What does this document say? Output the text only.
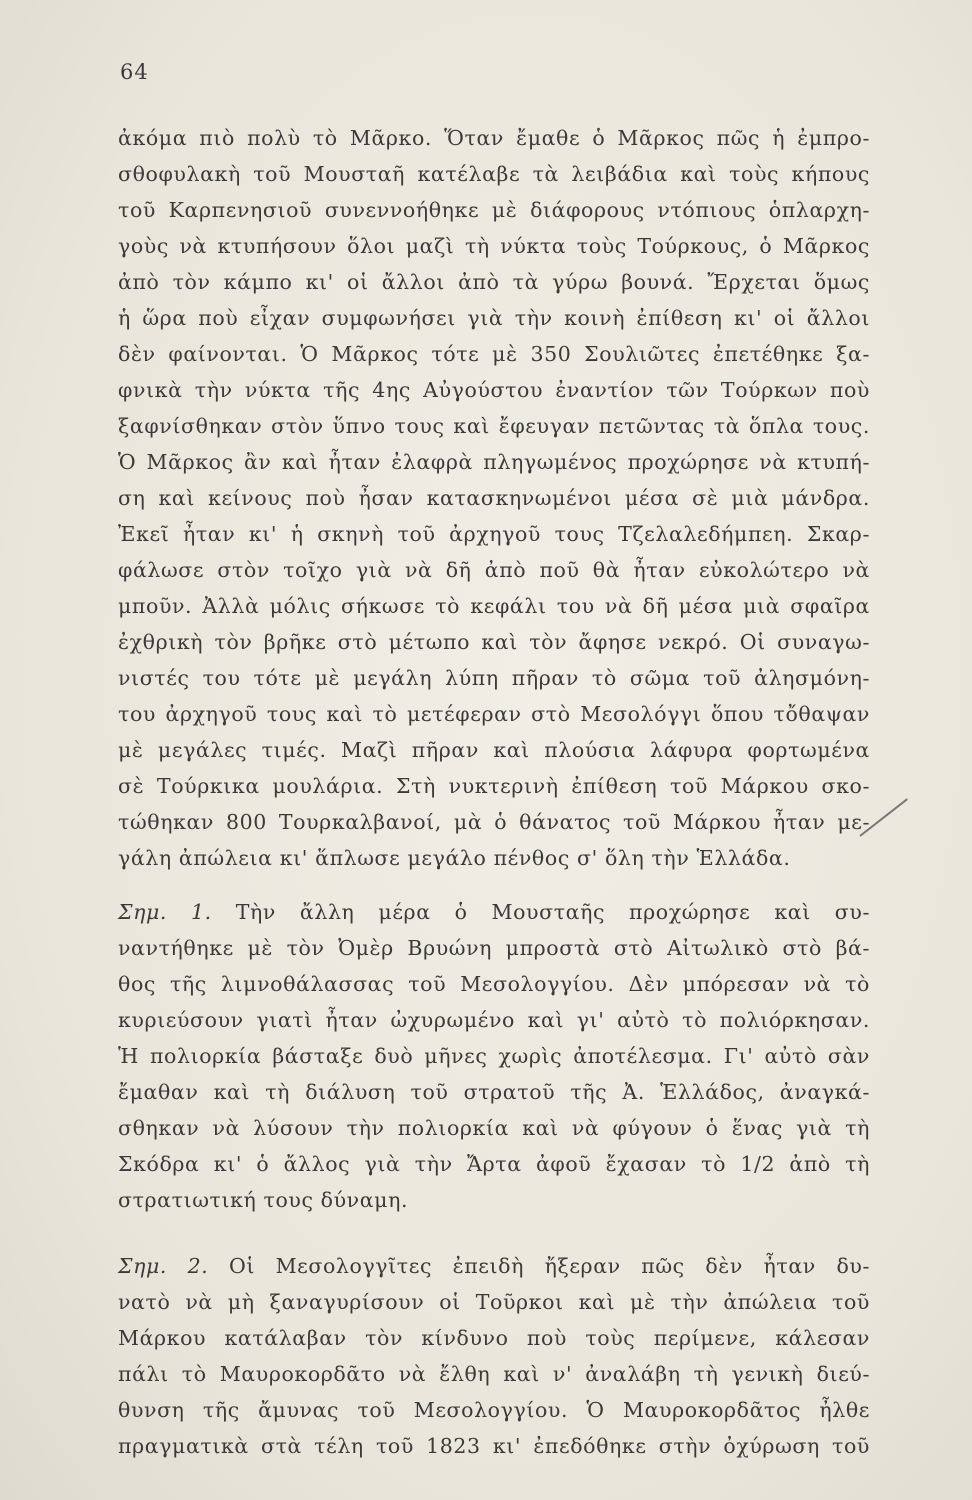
64
ἀκόμα πιὸ πολὺ τὸ Μᾶρκο. Ὅταν ἔμαθε ὁ Μᾶρκος πῶς ἡ ἐμπρο-
σθοφυλακὴ τοῦ Μουσταῆ κατέλαβε τὰ λειβάδια καὶ τοὺς κήπους
τοῦ Καρπενησιοῦ συνεννοήθηκε μὲ διάφορους ντόπιους ὁπλαρχη-
γοὺς νὰ κτυπήσουν ὅλοι μαζὶ τὴ νύκτα τοὺς Τούρκους, ὁ Μᾶρκος
ἀπὸ τὸν κάμπο κι' οἱ ἄλλοι ἀπὸ τὰ γύρω βουνά. Ἔρχεται ὅμως
ἡ ὥρα ποὺ εἶχαν συμφωνήσει γιὰ τὴν κοινὴ ἐπίθεση κι' οἱ ἄλλοι
δὲν φαίνονται. Ὁ Μᾶρκος τότε μὲ 350 Σουλιῶτες ἐπετέθηκε ξα-
φνικὰ τὴν νύκτα τῆς 4ης Αὐγούστου ἐναντίον τῶν Τούρκων ποὺ
ξαφνίσθηκαν στὸν ὕπνο τους καὶ ἔφευγαν πετῶντας τὰ ὅπλα τους.
Ὁ Μᾶρκος ἂν καὶ ἦταν ἐλαφρὰ πληγωμένος προχώρησε νὰ κτυπή-
ση καὶ κείνους ποὺ ἦσαν κατασκηνωμένοι μέσα σὲ μιὰ μάνδρα.
Ἐκεῖ ἦταν κι' ἡ σκηνὴ τοῦ ἀρχηγοῦ τους Τζελαλεδήμπεη. Σκαρ-
φάλωσε στὸν τοῖχο γιὰ νὰ δῆ ἀπὸ ποῦ θὰ ἦταν εὐκολώτερο νὰ
μποῦν. Ἀλλὰ μόλις σήκωσε τὸ κεφάλι του νὰ δῆ μέσα μιὰ σφαῖρα
ἐχθρικὴ τὸν βρῆκε στὸ μέτωπο καὶ τὸν ἄφησε νεκρό. Οἱ συναγω-
νιστές του τότε μὲ μεγάλη λύπη πῆραν τὸ σῶμα τοῦ ἀλησμόνη-
του ἀρχηγοῦ τους καὶ τὸ μετέφεραν στὸ Μεσολόγγι ὅπου τὄθαψαν
μὲ μεγάλες τιμές. Μαζὶ πῆραν καὶ πλούσια λάφυρα φορτωμένα
σὲ Τούρκικα μουλάρια. Στὴ νυκτερινὴ ἐπίθεση τοῦ Μάρκου σκο-
τώθηκαν 800 Τουρκαλβανοί, μὰ ὁ θάνατος τοῦ Μάρκου ἦταν με-
γάλη ἀπώλεια κι' ἅπλωσε μεγάλο πένθος σ' ὅλη τὴν Ἑλλάδα.
Σημ. 1. Τὴν ἄλλη μέρα ὁ Μουσταῆς προχώρησε καὶ συ-
ναντήθηκε μὲ τὸν Ὀμὲρ Βρυώνη μπροστὰ στὸ Αἰτωλικὸ στὸ βά-
θος τῆς λιμνοθάλασσας τοῦ Μεσολογγίου. Δὲν μπόρεσαν νὰ τὸ
κυριεύσουν γιατὶ ἦταν ὠχυρωμένο καὶ γι' αὐτὸ τὸ πολιόρκησαν.
Ἡ πολιορκία βάσταξε δυὸ μῆνες χωρὶς ἀποτέλεσμα. Γι' αὐτὸ σὰν
ἔμαθαν καὶ τὴ διάλυση τοῦ στρατοῦ τῆς Ἀ. Ἑλλάδος, ἀναγκά-
σθηκαν νὰ λύσουν τὴν πολιορκία καὶ νὰ φύγουν ὁ ἕνας γιὰ τὴ
Σκόδρα κι' ὁ ἄλλος γιὰ τὴν Ἄρτα ἀφοῦ ἔχασαν τὸ 1/2 ἀπὸ τὴ
στρατιωτική τους δύναμη.
Σημ. 2. Οἱ Μεσολογγῖτες ἐπειδὴ ἤξεραν πῶς δὲν ἦταν δυ-
νατὸ νὰ μὴ ξαναγυρίσουν οἱ Τοῦρκοι καὶ μὲ τὴν ἀπώλεια τοῦ
Μάρκου κατάλαβαν τὸν κίνδυνο ποὺ τοὺς περίμενε, κάλεσαν
πάλι τὸ Μαυροκορδᾶτο νὰ ἔλθη καὶ ν' ἀναλάβη τὴ γενικὴ διεύ-
θυνση τῆς ἄμυνας τοῦ Μεσολογγίου. Ὁ Μαυροκορδᾶτος ἦλθε
πραγματικὰ στὰ τέλη τοῦ 1823 κι' ἐπεδόθηκε στὴν ὀχύρωση τοῦ
